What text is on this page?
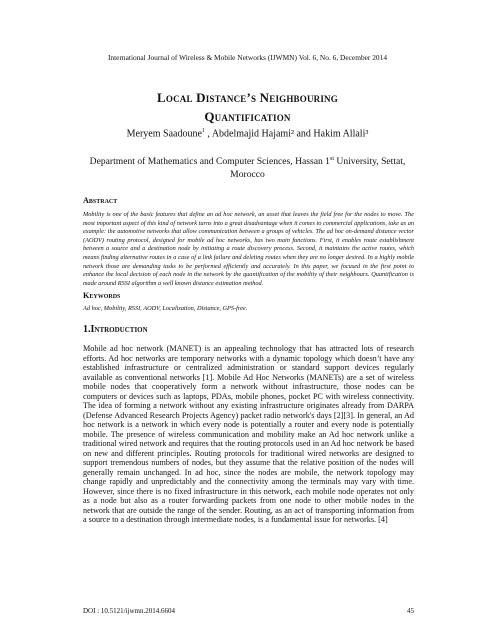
International Journal of Wireless & Mobile Networks (IJWMN) Vol. 6, No. 6, December 2014
Local Distance’s Neighbouring
Quantification
Meryem Saadoune$^1$ , Abdelmajid Hajami² and Hakim Allali³
Department of Mathematics and Computer Sciences, Hassan 1st University, Settat,
Morocco
Abstract
Mobility is one of the basic features that define an ad hoc network, an asset that leaves the field free for the nodes to move. The most important aspect of this kind of network turns into a great disadvantage when it comes to commercial applications, take as an example: the automotive networks that allow communication between a groups of vehicles. The ad hoc on-demand distance vector (AODV) routing protocol, designed for mobile ad hoc networks, has two main functions. First, it enables route establishment between a source and a destination node by initiating a route discovery process. Second, it maintains the active routes, which means finding alternative routes in a case of a link failure and deleting routes when they are no longer desired. In a highly mobile network those are demanding tasks to be performed efficiently and accurately. In this paper, we focused in the first point to enhance the local decision of each node in the network by the quantification of the mobility of their neighbours. Quantification is made around RSSI algorithm a well known distance estimation method.
Keywords
Ad hoc, Mobility, RSSI, AODV, Localization, Distance, GPS-free.
1.Introduction
Mobile ad hoc network (MANET) is an appealing technology that has attracted lots of research efforts. Ad hoc networks are temporary networks with a dynamic topology which doesn’t have any established infrastructure or centralized administration or standard support devices regularly available as conventional networks [1]. Mobile Ad Hoc Networks (MANETs) are a set of wireless mobile nodes that cooperatively form a network without infrastructure, those nodes can be computers or devices such as laptops, PDAs, mobile phones, pocket PC with wireless connectivity. The idea of forming a network without any existing infrastructure originates already from DARPA (Defense Advanced Research Projects Agency) packet radio network's days [2][3]. In general, an Ad hoc network is a network in which every node is potentially a router and every node is potentially mobile. The presence of wireless communication and mobility make an Ad hoc network unlike a traditional wired network and requires that the routing protocols used in an Ad hoc network be based on new and different principles. Routing protocols for traditional wired networks are designed to support tremendous numbers of nodes, but they assume that the relative position of the nodes will generally remain unchanged. In ad hoc, since the nodes are mobile, the network topology may change rapidly and unpredictably and the connectivity among the terminals may vary with time. However, since there is no fixed infrastructure in this network, each mobile node operates not only as a node but also as a router forwarding packets from one node to other mobile nodes in the network that are outside the range of the sender. Routing, as an act of transporting information from a source to a destination through intermediate nodes, is a fundamental issue for networks. [4]
DOI : 10.5121/ijwmn.2014.6604	45
